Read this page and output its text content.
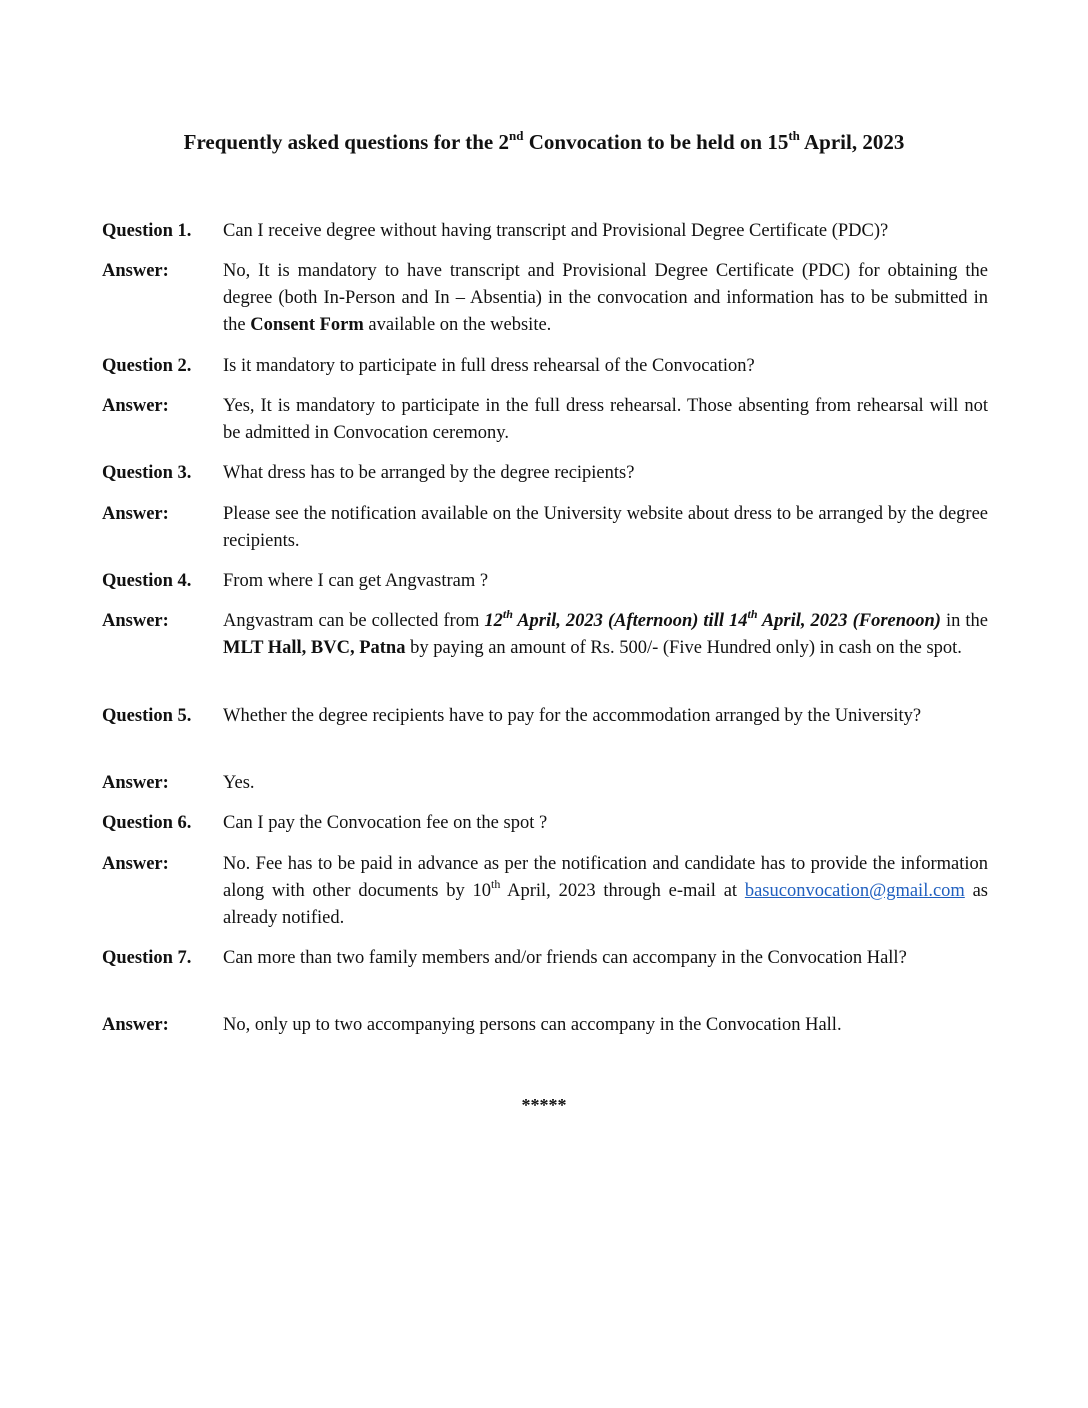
Frequently asked questions for the 2nd Convocation to be held on 15th April, 2023
Question 1.	Can I receive degree without having transcript and Provisional Degree Certificate (PDC)?
Answer:	No, It is mandatory to have transcript and Provisional Degree Certificate (PDC) for obtaining the degree (both In-Person and In – Absentia) in the convocation and information has to be submitted in the Consent Form available on the website.
Question 2.	Is it mandatory to participate in full dress rehearsal of the Convocation?
Answer:	Yes, It is mandatory to participate in the full dress rehearsal. Those absenting from rehearsal will not be admitted in Convocation ceremony.
Question 3.	What dress has to be arranged by the degree recipients?
Answer:	Please see the notification available on the University website about dress to be arranged by the degree recipients.
Question 4.	From where I can get Angvastram ?
Answer:	Angvastram can be collected from 12th April, 2023 (Afternoon) till 14th April, 2023 (Forenoon) in the MLT Hall, BVC, Patna by paying an amount of Rs. 500/- (Five Hundred only) in cash on the spot.
Question 5.	Whether the degree recipients have to pay for the accommodation arranged by the University?
Answer:	Yes.
Question 6.	Can I pay the Convocation fee on the spot ?
Answer:	No. Fee has to be paid in advance as per the notification and candidate has to provide the information along with other documents by 10th April, 2023 through e-mail at basuconvocation@gmail.com as already notified.
Question 7.	Can more than two family members and/or friends can accompany in the Convocation Hall?
Answer:	No, only up to two accompanying persons can accompany in the Convocation Hall.
*****
